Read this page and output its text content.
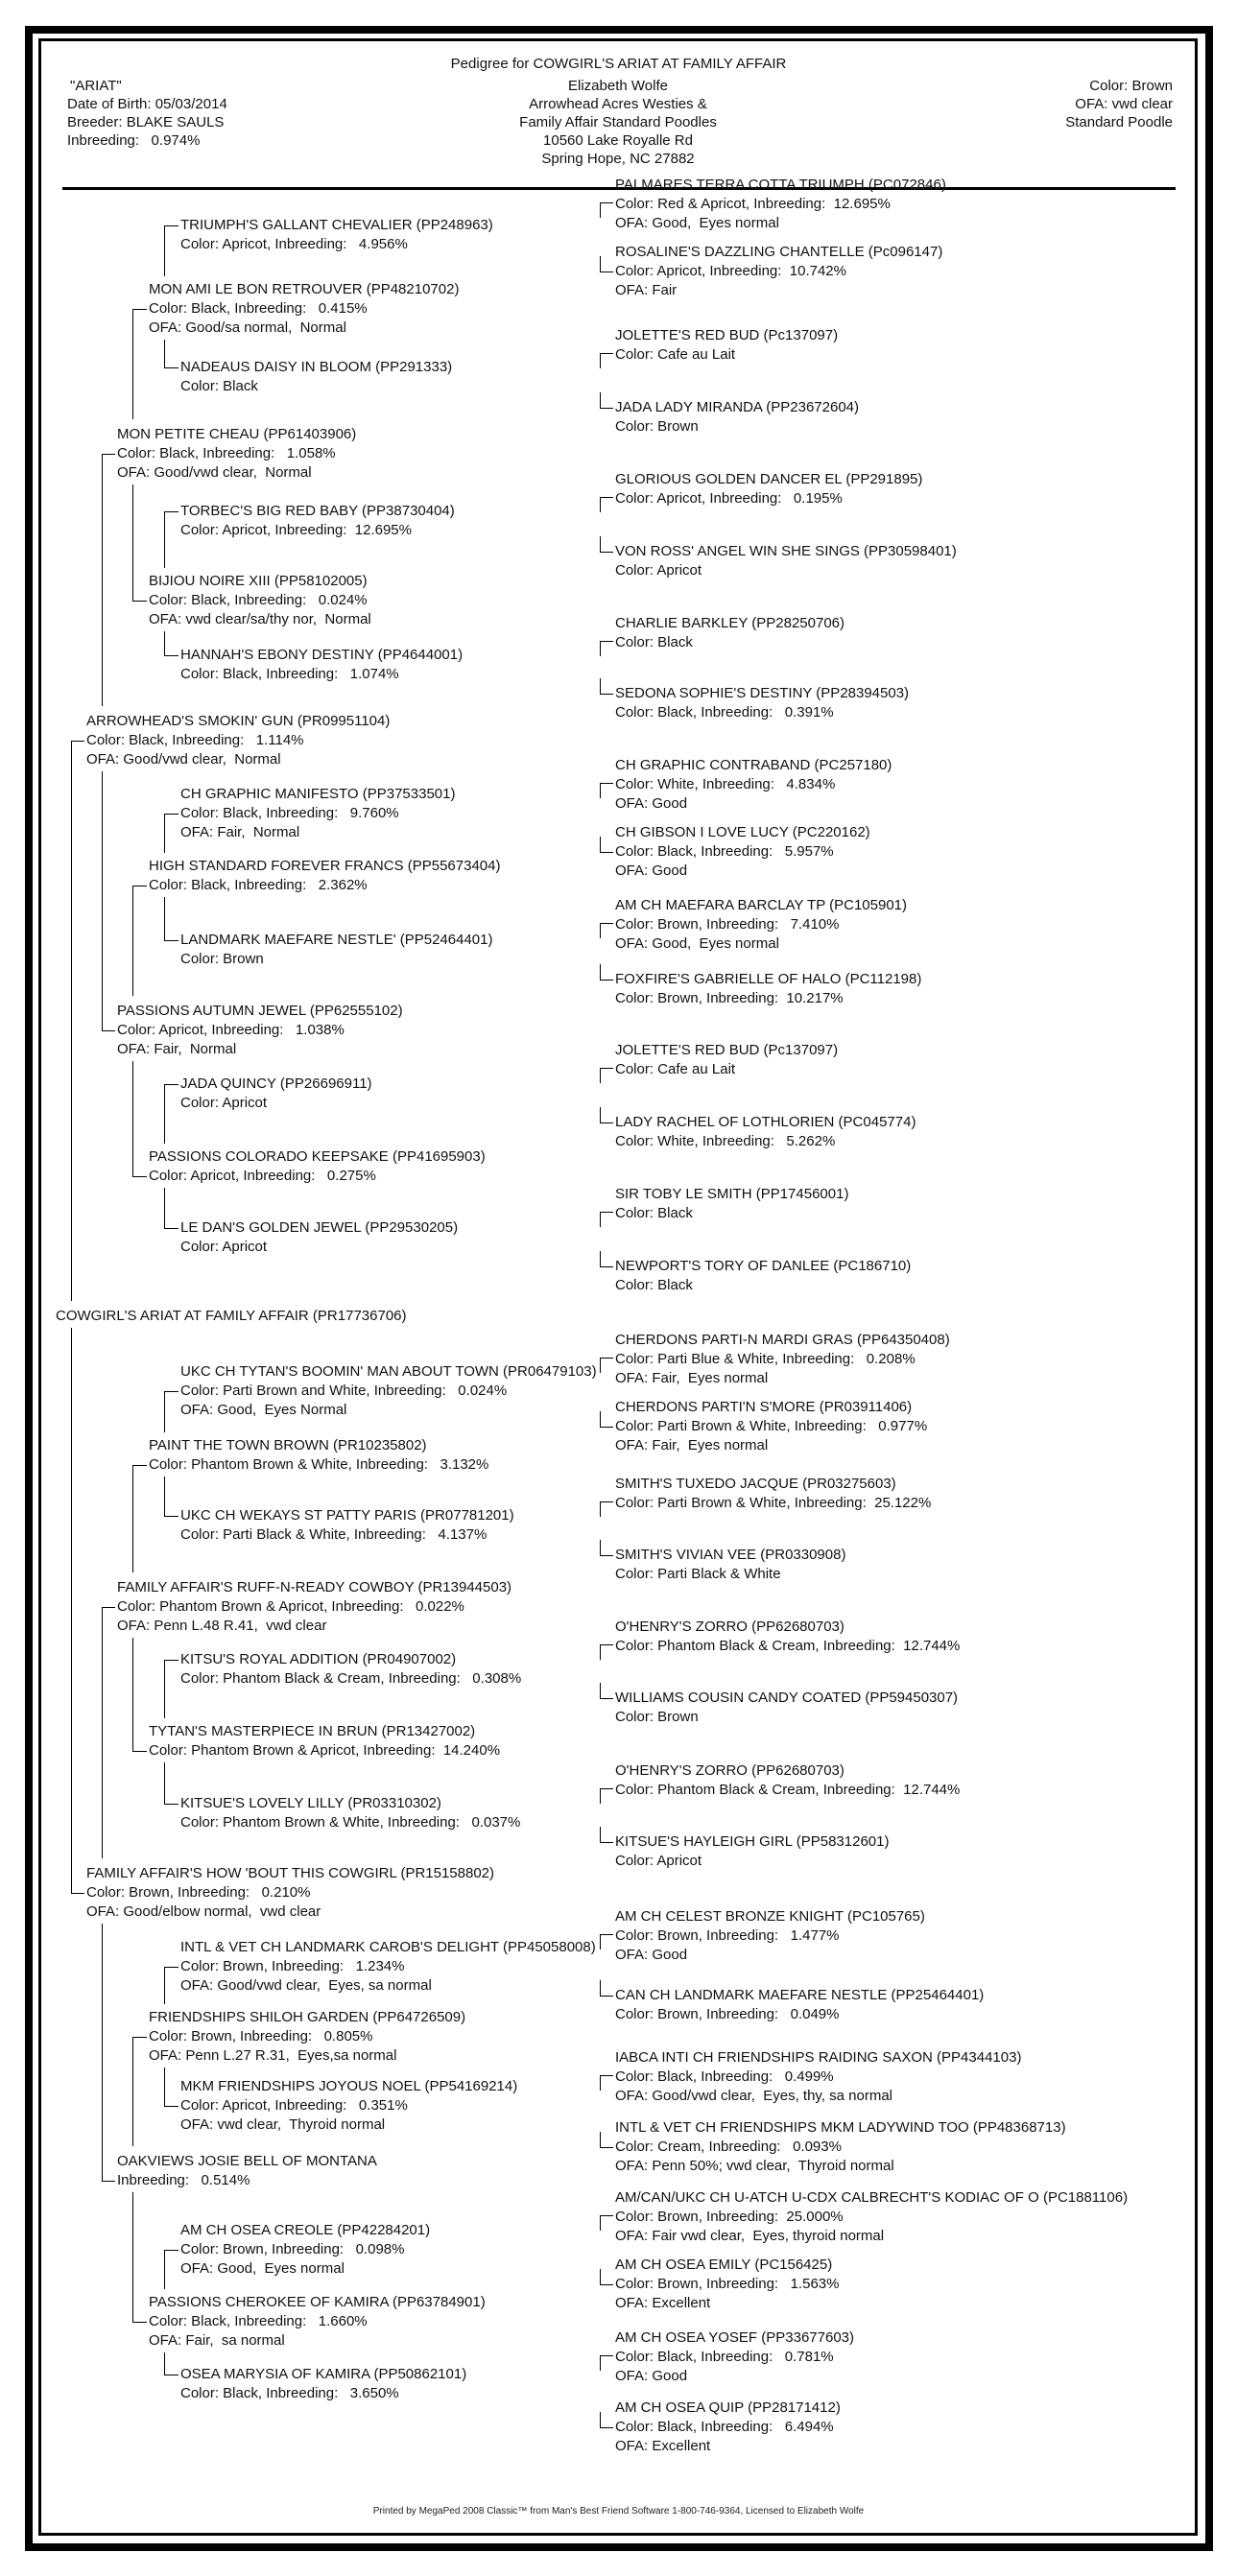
Pedigree for COWGIRL'S ARIAT AT FAMILY AFFAIR
"ARIAT"
Date of Birth: 05/03/2014
Breeder: BLAKE SAULS
Inbreeding:   0.974%
Elizabeth Wolfe
Arrowhead Acres Westies &
Family Affair Standard Poodles
10560 Lake Royalle Rd
Spring Hope, NC 27882
Color: Brown
OFA: vwd clear
Standard Poodle
COWGIRL'S ARIAT AT FAMILY AFFAIR (PR17736706)
ARROWHEAD'S SMOKIN' GUN (PR09951104)
Color: Black, Inbreeding:   1.114%
OFA: Good/vwd clear,  Normal
FAMILY AFFAIR'S HOW 'BOUT THIS COWGIRL (PR15158802)
Color: Brown, Inbreeding:   0.210%
OFA: Good/elbow normal,  vwd clear
MON PETITE CHEAU (PP61403906)
Color: Black, Inbreeding:   1.058%
OFA: Good/vwd clear,  Normal
PASSIONS AUTUMN JEWEL (PP62555102)
Color: Apricot, Inbreeding:   1.038%
OFA: Fair,  Normal
FAMILY AFFAIR'S RUFF-N-READY COWBOY (PR13944503)
Color: Phantom Brown & Apricot, Inbreeding:   0.022%
OFA: Penn L.48 R.41,  vwd clear
OAKVIEWS JOSIE BELL OF MONTANA
Inbreeding:   0.514%
MON AMI LE BON RETROUVER (PP48210702)
Color: Black, Inbreeding:   0.415%
OFA: Good/sa normal,  Normal
BIJIOU NOIRE XIII (PP58102005)
Color: Black, Inbreeding:   0.024%
OFA: vwd clear/sa/thy nor,  Normal
HIGH STANDARD FOREVER FRANCS (PP55673404)
Color: Black, Inbreeding:   2.362%
PASSIONS COLORADO KEEPSAKE (PP41695903)
Color: Apricot, Inbreeding:   0.275%
PAINT THE TOWN BROWN (PR10235802)
Color: Phantom Brown & White, Inbreeding:   3.132%
TYTAN'S MASTERPIECE IN BRUN (PR13427002)
Color: Phantom Brown & Apricot, Inbreeding:  14.240%
FRIENDSHIPS SHILOH GARDEN (PP64726509)
Color: Brown, Inbreeding:   0.805%
OFA: Penn L.27 R.31,  Eyes,sa normal
PASSIONS CHEROKEE OF KAMIRA (PP63784901)
Color: Black, Inbreeding:   1.660%
OFA: Fair,  sa normal
TRIUMPH'S GALLANT CHEVALIER (PP248963)
Color: Apricot, Inbreeding:   4.956%
NADEAUS DAISY IN BLOOM (PP291333)
Color: Black
TORBEC'S BIG RED BABY (PP38730404)
Color: Apricot, Inbreeding:  12.695%
HANNAH'S EBONY DESTINY (PP4644001)
Color: Black, Inbreeding:   1.074%
CH GRAPHIC MANIFESTO (PP37533501)
Color: Black, Inbreeding:   9.760%
OFA: Fair,  Normal
LANDMARK MAEFARE NESTLE' (PP52464401)
Color: Brown
JADA QUINCY (PP26696911)
Color: Apricot
LE DAN'S GOLDEN JEWEL (PP29530205)
Color: Apricot
UKC CH TYTAN'S BOOMIN' MAN ABOUT TOWN (PR06479103)
Color: Parti Brown and White, Inbreeding:   0.024%
OFA: Good,  Eyes Normal
UKC CH WEKAYS ST PATTY PARIS (PR07781201)
Color: Parti Black & White, Inbreeding:   4.137%
KITSU'S ROYAL ADDITION (PR04907002)
Color: Phantom Black & Cream, Inbreeding:   0.308%
KITSUE'S LOVELY LILLY (PR03310302)
Color: Phantom Brown & White, Inbreeding:   0.037%
INTL & VET CH LANDMARK CAROB'S DELIGHT (PP45058008)
Color: Brown, Inbreeding:   1.234%
OFA: Good/vwd clear,  Eyes, sa normal
MKM FRIENDSHIPS JOYOUS NOEL (PP54169214)
Color: Apricot, Inbreeding:   0.351%
OFA: vwd clear,  Thyroid normal
AM CH OSEA CREOLE (PP42284201)
Color: Brown, Inbreeding:   0.098%
OFA: Good,  Eyes normal
OSEA MARYSIA OF KAMIRA (PP50862101)
Color: Black, Inbreeding:   3.650%
PALMARES TERRA COTTA TRIUMPH (PC072846)
Color: Red & Apricot, Inbreeding:  12.695%
OFA: Good,  Eyes normal
ROSALINE'S DAZZLING CHANTELLE (Pc096147)
Color: Apricot, Inbreeding:  10.742%
OFA: Fair
JOLETTE'S RED BUD (Pc137097)
Color: Cafe au Lait
JADA LADY MIRANDA (PP23672604)
Color: Brown
GLORIOUS GOLDEN DANCER EL (PP291895)
Color: Apricot, Inbreeding:   0.195%
VON ROSS' ANGEL WIN SHE SINGS (PP30598401)
Color: Apricot
CHARLIE BARKLEY (PP28250706)
Color: Black
SEDONA SOPHIE'S DESTINY (PP28394503)
Color: Black, Inbreeding:   0.391%
CH GRAPHIC CONTRABAND (PC257180)
Color: White, Inbreeding:   4.834%
OFA: Good
CH GIBSON I LOVE LUCY (PC220162)
Color: Black, Inbreeding:   5.957%
OFA: Good
AM CH MAEFARA BARCLAY TP (PC105901)
Color: Brown, Inbreeding:   7.410%
OFA: Good,  Eyes normal
FOXFIRE'S GABRIELLE OF HALO (PC112198)
Color: Brown, Inbreeding:  10.217%
JOLETTE'S RED BUD (Pc137097)
Color: Cafe au Lait
LADY RACHEL OF LOTHLORIEN (PC045774)
Color: White, Inbreeding:   5.262%
SIR TOBY LE SMITH (PP17456001)
Color: Black
NEWPORT'S TORY OF DANLEE (PC186710)
Color: Black
CHERDONS PARTI-N MARDI GRAS (PP64350408)
Color: Parti Blue & White, Inbreeding:   0.208%
OFA: Fair,  Eyes normal
CHERDONS PARTI'N S'MORE (PR03911406)
Color: Parti Brown & White, Inbreeding:   0.977%
OFA: Fair,  Eyes normal
SMITH'S TUXEDO JACQUE (PR03275603)
Color: Parti Brown & White, Inbreeding:  25.122%
SMITH'S VIVIAN VEE (PR0330908)
Color: Parti Black & White
O'HENRY'S ZORRO (PP62680703)
Color: Phantom Black & Cream, Inbreeding:  12.744%
WILLIAMS COUSIN CANDY COATED (PP59450307)
Color: Brown
O'HENRY'S ZORRO (PP62680703)
Color: Phantom Black & Cream, Inbreeding:  12.744%
KITSUE'S HAYLEIGH GIRL (PP58312601)
Color: Apricot
AM CH CELEST BRONZE KNIGHT (PC105765)
Color: Brown, Inbreeding:   1.477%
OFA: Good
CAN CH LANDMARK MAEFARE NESTLE (PP25464401)
Color: Brown, Inbreeding:   0.049%
IABCA INTI CH FRIENDSHIPS RAIDING SAXON (PP4344103)
Color: Black, Inbreeding:   0.499%
OFA: Good/vwd clear,  Eyes, thy, sa normal
INTL & VET CH FRIENDSHIPS MKM LADYWIND TOO (PP48368713)
Color: Cream, Inbreeding:   0.093%
OFA: Penn 50%; vwd clear,  Thyroid normal
AM/CAN/UKC CH U-ATCH U-CDX CALBRECHT'S KODIAC OF O (PC1881106)
Color: Brown, Inbreeding:  25.000%
OFA: Fair vwd clear,  Eyes, thyroid normal
AM CH OSEA EMILY (PC156425)
Color: Brown, Inbreeding:   1.563%
OFA: Excellent
AM CH OSEA YOSEF (PP33677603)
Color: Black, Inbreeding:   0.781%
OFA: Good
AM CH OSEA QUIP (PP28171412)
Color: Black, Inbreeding:   6.494%
OFA: Excellent
Printed by MegaPed 2008 Classic™ from Man's Best Friend Software 1-800-746-9364, Licensed to Elizabeth Wolfe
